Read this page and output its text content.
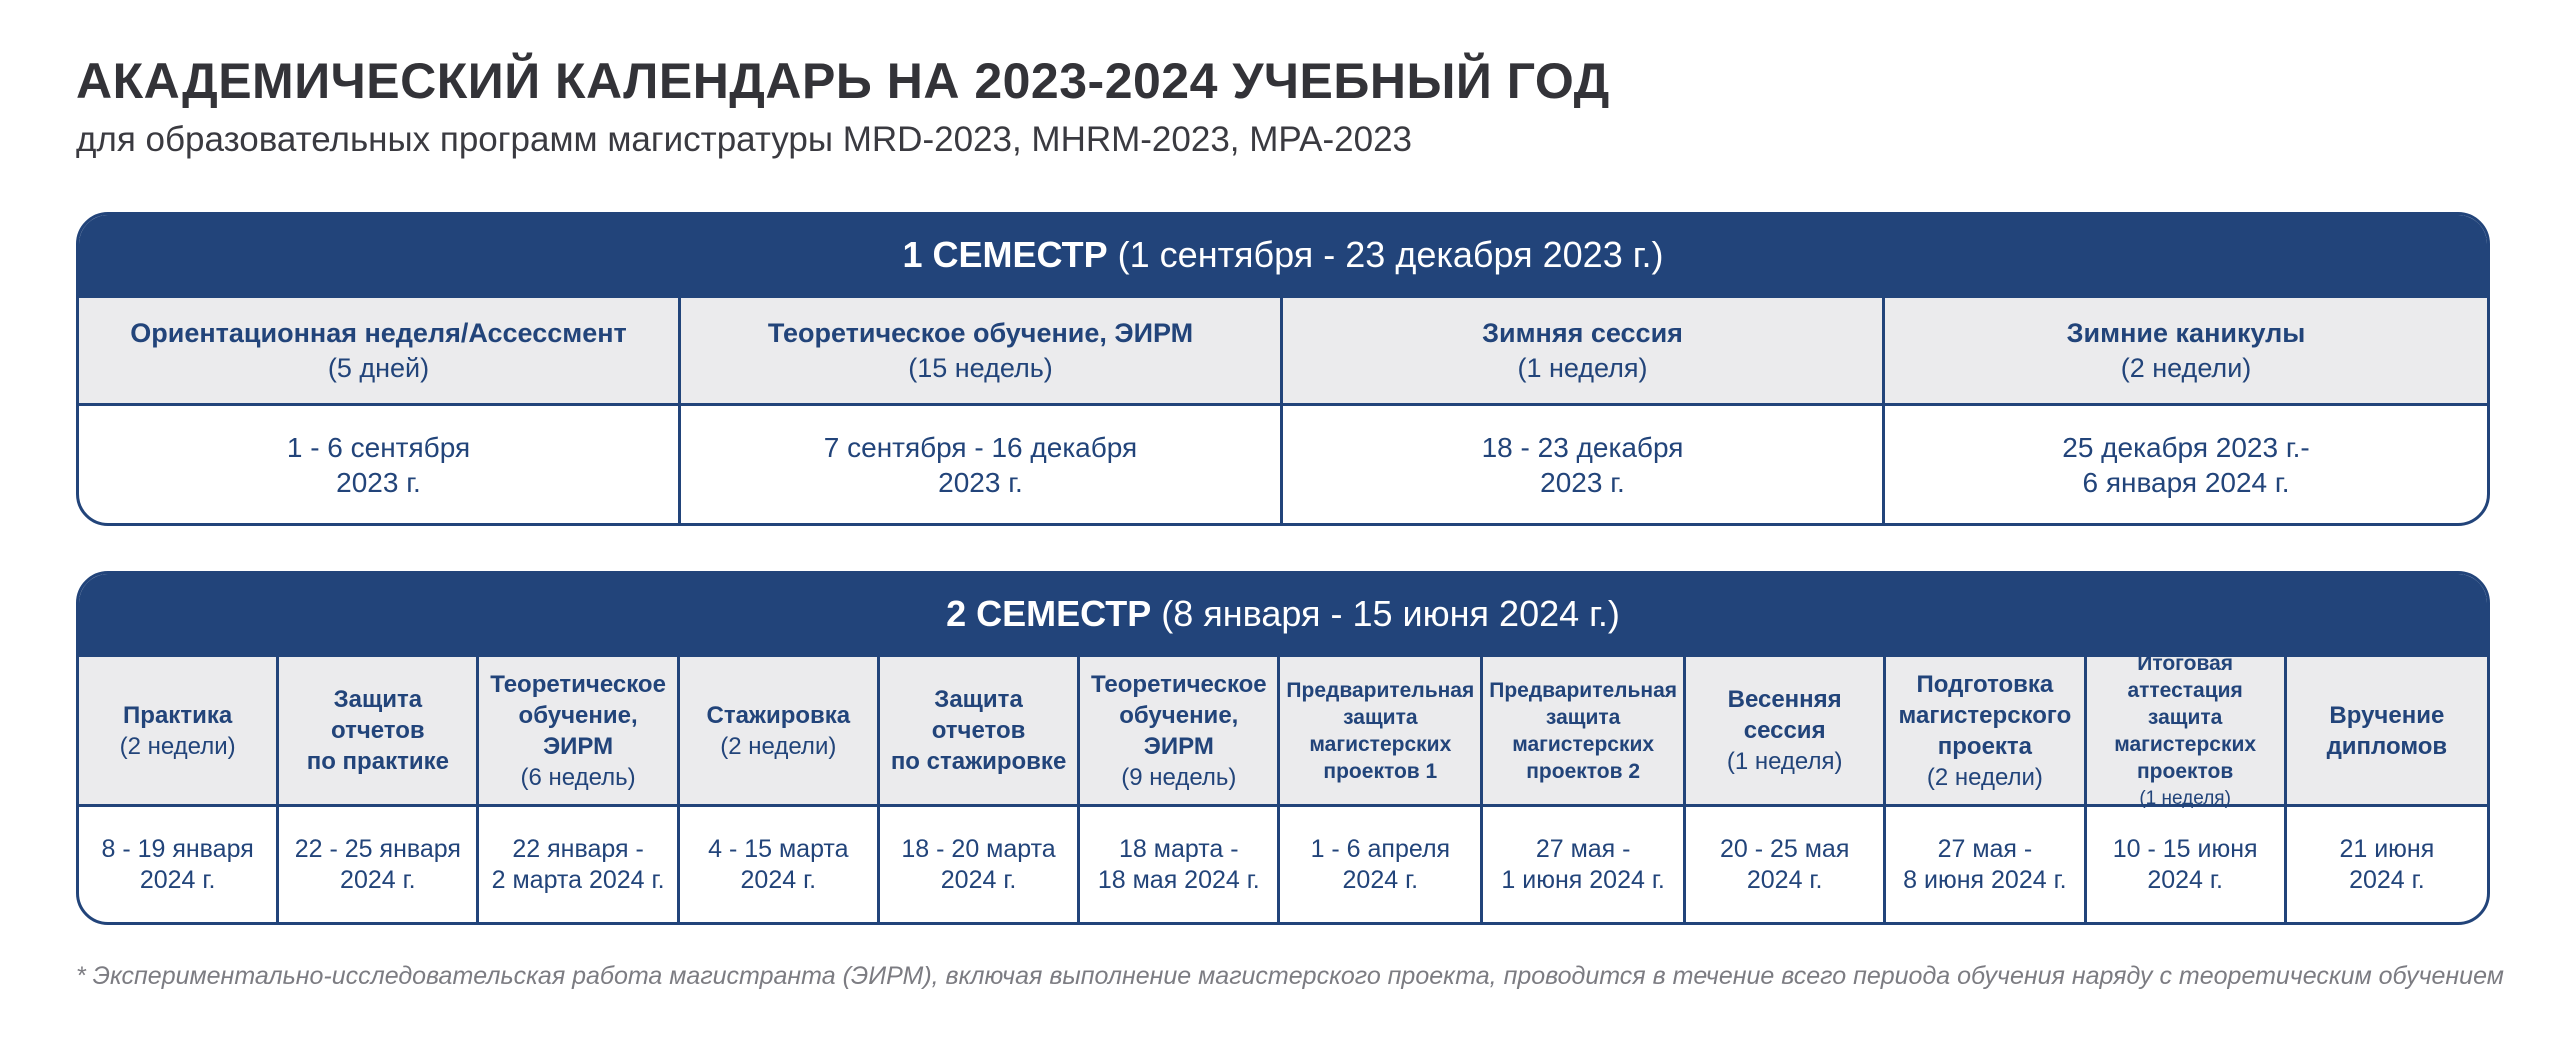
АКАДЕМИЧЕСКИЙ КАЛЕНДАРЬ НА 2023-2024 УЧЕБНЫЙ ГОД
для образовательных программ магистратуры MRD-2023, MHRM-2023, MPA-2023
1 СЕМЕСТР (1 сентября - 23 декабря 2023 г.)
Ориентационная неделя/Ассессмент
(5 дней)
Теоретическое обучение, ЭИРМ
(15 недель)
Зимняя сессия
(1 неделя)
Зимние каникулы
(2 недели)
1 - 6 сентября
2023 г.
7 сентября - 16 декабря
2023 г.
18 - 23 декабря
2023 г.
25 декабря 2023 г.-
6 января 2024 г.
2 СЕМЕСТР (8 января - 15 июня 2024 г.)
Практика
(2 недели)
Защита
отчетов
по практике
Теоретическое
обучение, ЭИРМ
(6 недель)
Стажировка
(2 недели)
Защита
отчетов
по стажировке
Теоретическое
обучение, ЭИРМ
(9 недель)
Предварительная
защита
магистерских
проектов 1
Предварительная
защита
магистерских
проектов 2
Весенняя
сессия
(1 неделя)
Подготовка
магистерского
проекта
(2 недели)
Итоговая
аттестация защита
магистерских
проектов
(1 неделя)
Вручение
дипломов
8 - 19 января
2024 г.
22 - 25 января
2024 г.
22 января -
2 марта 2024 г.
4 - 15 марта
2024 г.
18 - 20 марта
2024 г.
18 марта -
18 мая 2024 г.
1 - 6 апреля
2024 г.
27 мая -
1 июня 2024 г.
20 - 25 мая
2024 г.
27 мая -
8 июня 2024 г.
10 - 15 июня
2024 г.
21 июня
2024 г.
* Экспериментально-исследовательская работа магистранта (ЭИРМ), включая выполнение магистерского проекта, проводится в течение всего периода обучения наряду с теоретическим обучением
